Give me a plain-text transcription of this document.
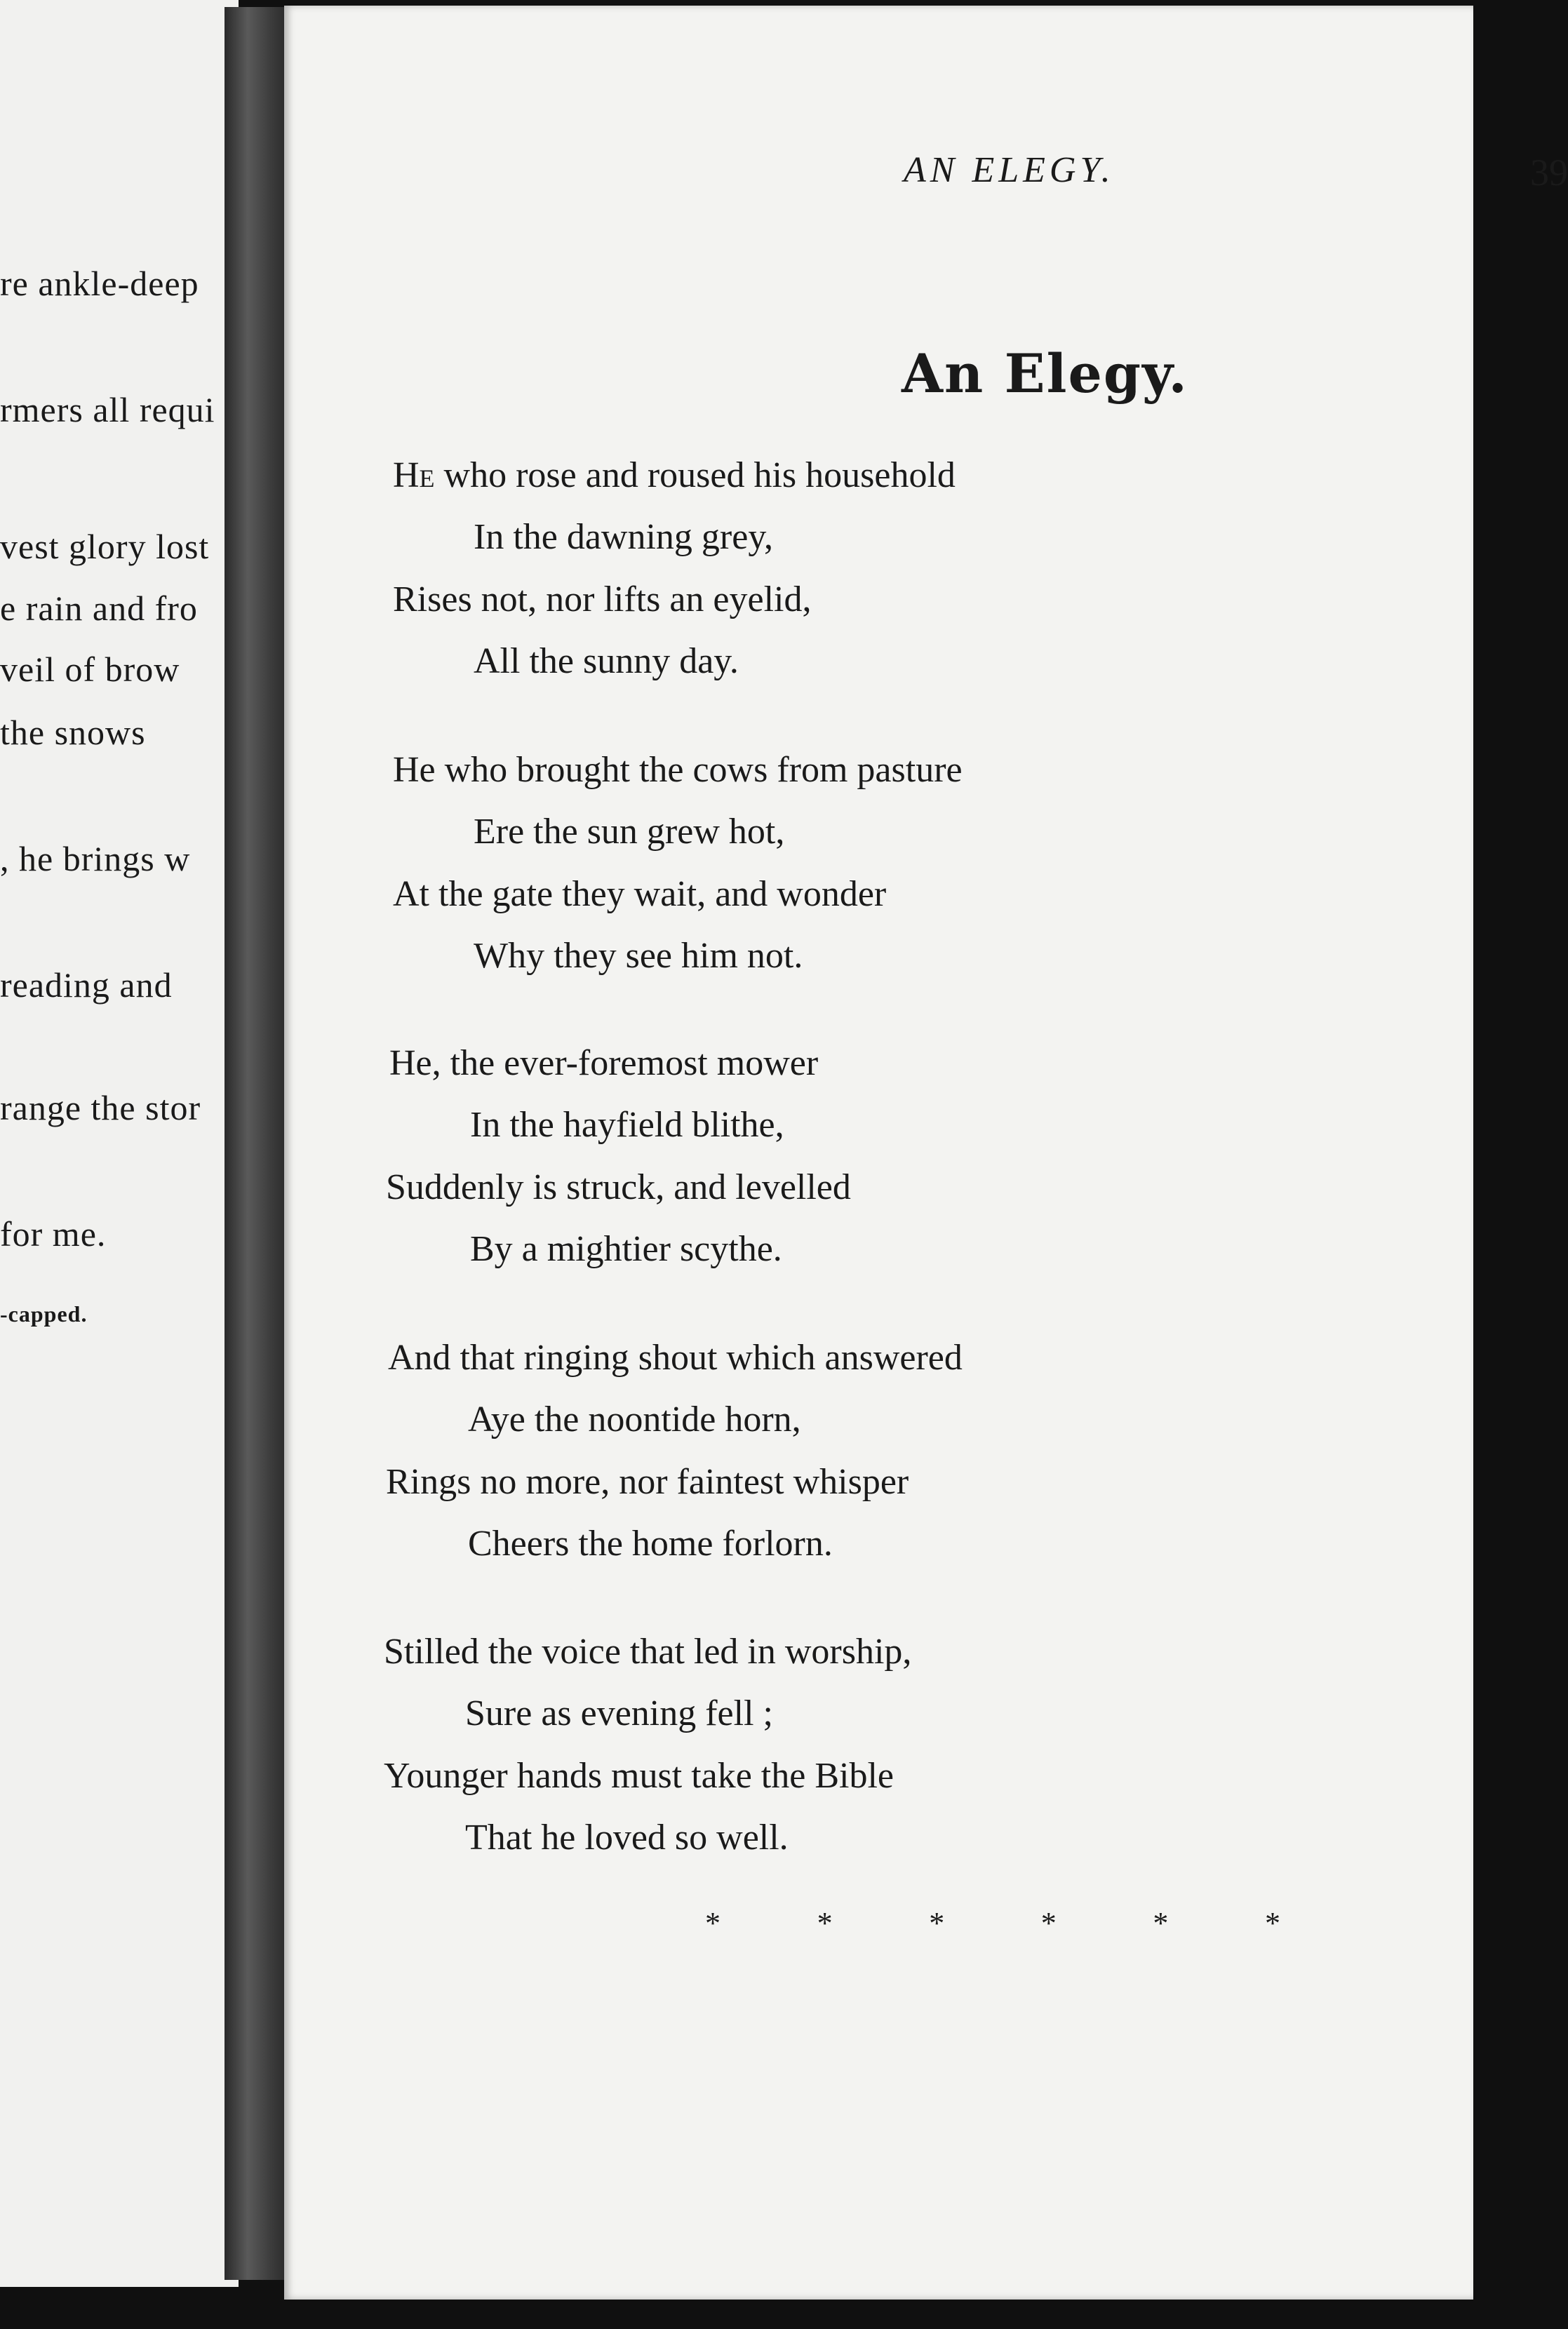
re ankle-deep
rmers all requi
vest glory lost
e rain and fro
veil of brow
the snows
, he brings w
reading and
range the stor
for me.
-capped.
AN ELEGY.	39
An Elegy.
He who rose and roused his household
In the dawning grey,
Rises not, nor lifts an eyelid,
All the sunny day.
He who brought the cows from pasture
Ere the sun grew hot,
At the gate they wait, and wonder
Why they see him not.
He, the ever-foremost mower
In the hayfield blithe,
Suddenly is struck, and levelled
By a mightier scythe.
And that ringing shout which answered
Aye the noontide horn,
Rings no more, nor faintest whisper
Cheers the home forlorn.
Stilled the voice that led in worship,
Sure as evening fell ;
Younger hands must take the Bible
That he loved so well.
*	*	*	*	*	*
